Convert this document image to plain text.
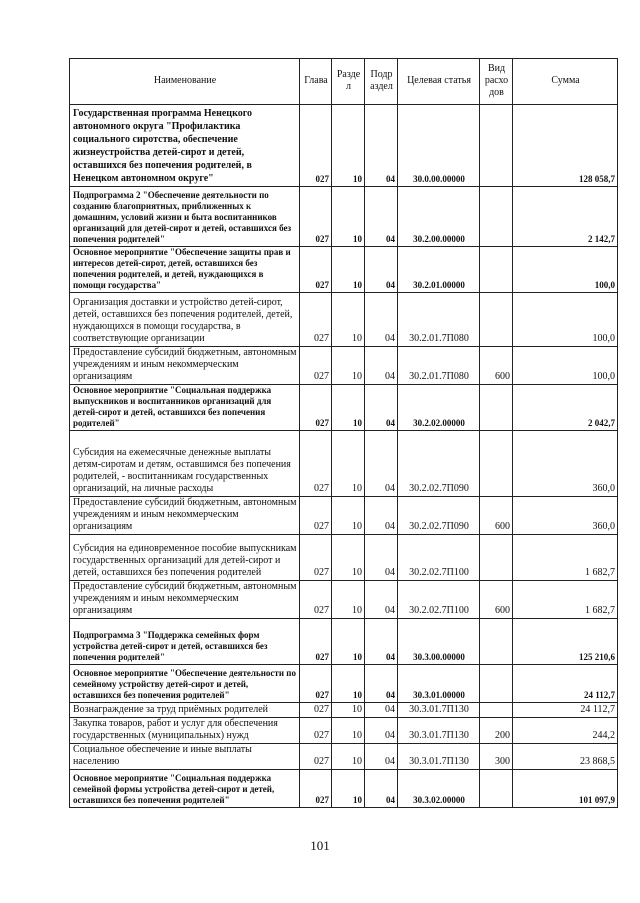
Наименование	Глава	Разде л	Подр аздел	Целевая статья	Вид расхо дов	Сумма
Государственная программа Ненецкого автономного округа "Профилактика социального сиротства, обеспечение жизнеустройства детей-сирот и детей, оставшихся без попечения родителей, в Ненецком автономном округе"	027	10	04	30.0.00.00000		128 058,7
Подпрограмма 2 "Обеспечение деятельности по созданию благоприятных, приближенных к домашним, условий жизни и быта воспитанников организаций для детей-сирот и детей, оставшихся без попечения родителей"	027	10	04	30.2.00.00000		2 142,7
Основное мероприятие "Обеспечение защиты прав и интересов детей-сирот, детей, оставшихся без попечения родителей, и детей, нуждающихся в помощи государства"	027	10	04	30.2.01.00000		100,0
Организация доставки и устройство детей-сирот, детей, оставшихся без попечения родителей, детей, нуждающихся в помощи государства, в соответствующие организации	027	10	04	30.2.01.7П080		100,0
Предоставление субсидий бюджетным, автономным учреждениям и иным некоммерческим организациям	027	10	04	30.2.01.7П080	600	100,0
Основное мероприятие "Социальная поддержка выпускников и воспитанников организаций для детей-сирот и детей, оставшихся без попечения родителей"	027	10	04	30.2.02.00000		2 042,7
Субсидия на ежемесячные денежные выплаты детям-сиротам и детям, оставшимся без попечения родителей, - воспитанникам государственных организаций, на личные расходы	027	10	04	30.2.02.7П090		360,0
Предоставление субсидий бюджетным, автономным учреждениям и иным некоммерческим организациям	027	10	04	30.2.02.7П090	600	360,0
Субсидия на единовременное пособие выпускникам государственных организаций для детей-сирот и детей, оставшихся без попечения родителей	027	10	04	30.2.02.7П100		1 682,7
Предоставление субсидий бюджетным, автономным учреждениям и иным некоммерческим организациям	027	10	04	30.2.02.7П100	600	1 682,7
Подпрограмма 3 "Поддержка семейных форм устройства детей-сирот и детей, оставшихся без попечения родителей"	027	10	04	30.3.00.00000		125 210,6
Основное мероприятие "Обеспечение деятельности по семейному устройству детей-сирот и детей, оставшихся без попечения родителей"	027	10	04	30.3.01.00000		24 112,7
Вознаграждение за труд приёмных родителей	027	10	04	30.3.01.7П130		24 112,7
Закупка товаров, работ и услуг для обеспечения государственных (муниципальных) нужд	027	10	04	30.3.01.7П130	200	244,2
Социальное обеспечение и иные выплаты населению	027	10	04	30.3.01.7П130	300	23 868,5
Основное мероприятие "Социальная поддержка семейной формы устройства детей-сирот и детей, оставшихся без попечения родителей"	027	10	04	30.3.02.00000		101 097,9
101
